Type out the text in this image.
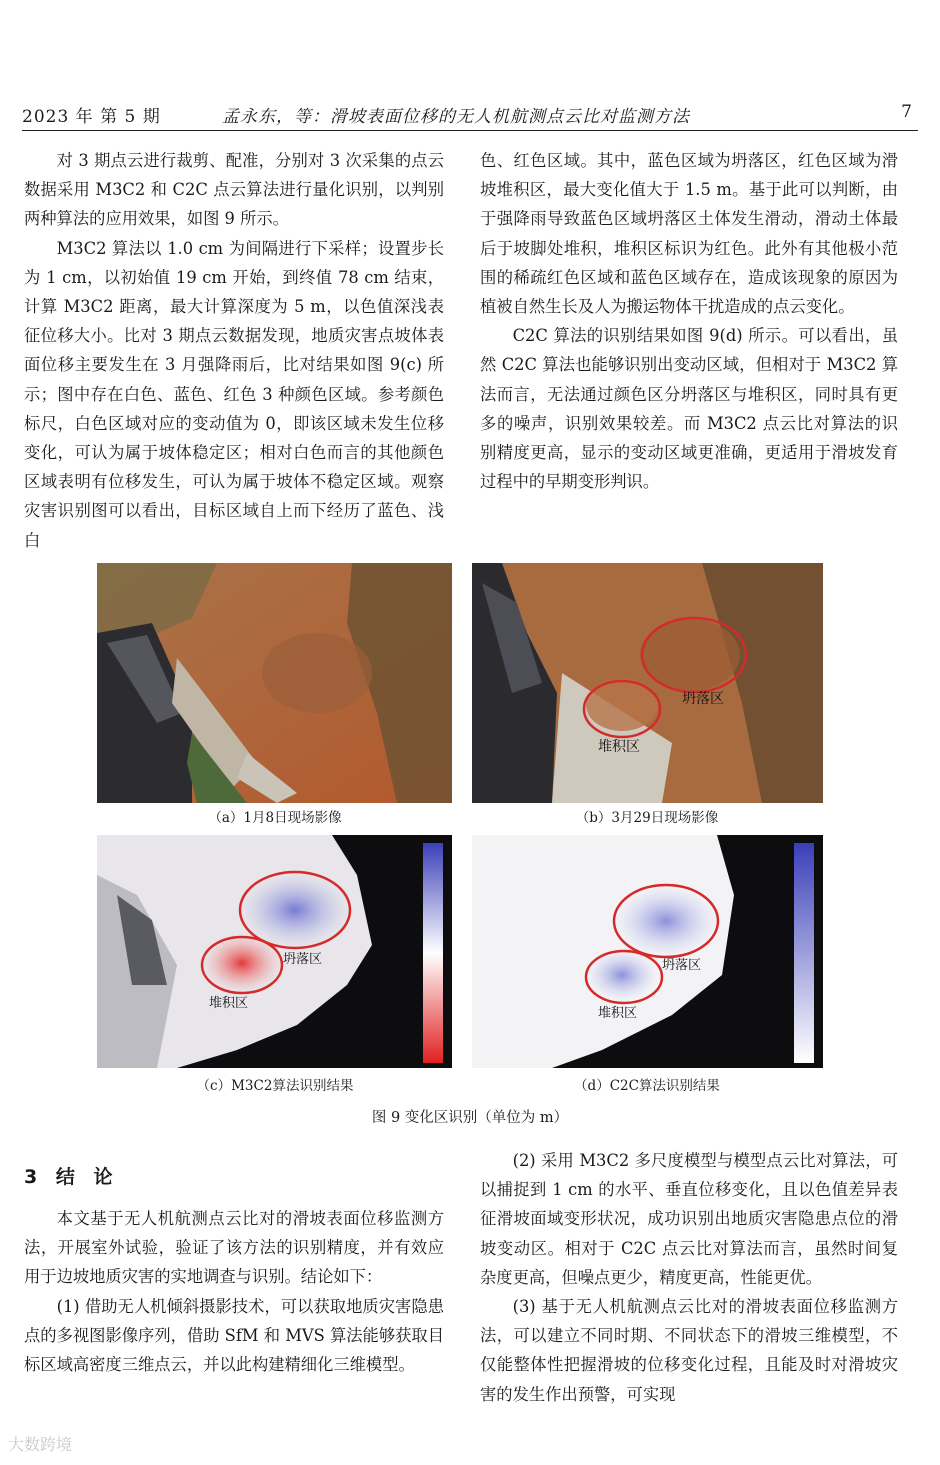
2023 年 第 5 期	孟永东，等：滑坡表面位移的无人机航测点云比对监测方法	7

对 3 期点云进行裁剪、配准，分别对 3 次采集的点云数据采用 M3C2 和 C2C 点云算法进行量化识别，以判别两种算法的应用效果，如图 9 所示。

M3C2 算法以 1.0 cm 为间隔进行下采样；设置步长为 1 cm，以初始值 19 cm 开始，到终值 78 cm 结束，计算 M3C2 距离，最大计算深度为 5 m，以色值深浅表征位移大小。比对 3 期点云数据发现，地质灾害点坡体表面位移主要发生在 3 月强降雨后，比对结果如图 9(c) 所示；图中存在白色、蓝色、红色 3 种颜色区域。参考颜色标尺，白色区域对应的变动值为 0，即该区域未发生位移变化，可认为属于坡体稳定区；相对白色而言的其他颜色区域表明有位移发生，可认为属于坡体不稳定区域。观察灾害识别图可以看出，目标区域自上而下经历了蓝色、浅白

色、红色区域。其中，蓝色区域为坍落区，红色区域为滑坡堆积区，最大变化值大于 1.5 m。基于此可以判断，由于强降雨导致蓝色区域坍落区土体发生滑动，滑动土体最后于坡脚处堆积，堆积区标识为红色。此外有其他极小范围的稀疏红色区域和蓝色区域存在，造成该现象的原因为植被自然生长及人为搬运物体干扰造成的点云变化。

C2C 算法的识别结果如图 9(d) 所示。可以看出，虽然 C2C 算法也能够识别出变动区域，但相对于 M3C2 算法而言，无法通过颜色区分坍落区与堆积区，同时具有更多的噪声，识别效果较差。而 M3C2 点云比对算法的识别精度更高，显示的变动区域更准确，更适用于滑坡发育过程中的早期变形判识。

（a）1月8日现场影像
坍落区
堆积区
（b）3月29日现场影像
坍落区
堆积区
（c）M3C2算法识别结果
坍落区
堆积区
（d）C2C算法识别结果
图 9 变化区识别（单位为 m）
3 结 论

本文基于无人机航测点云比对的滑坡表面位移监测方法，开展室外试验，验证了该方法的识别精度，并有效应用于边坡地质灾害的实地调查与识别。结论如下：

(1) 借助无人机倾斜摄影技术，可以获取地质灾害隐患点的多视图影像序列，借助 SfM 和 MVS 算法能够获取目标区域高密度三维点云，并以此构建精细化三维模型。

(2) 采用 M3C2 多尺度模型与模型点云比对算法，可以捕捉到 1 cm 的水平、垂直位移变化，且以色值差异表征滑坡面域变形状况，成功识别出地质灾害隐患点位的滑坡变动区。相对于 C2C 点云比对算法而言，虽然时间复杂度更高，但噪点更少，精度更高，性能更优。

(3) 基于无人机航测点云比对的滑坡表面位移监测方法，可以建立不同时期、不同状态下的滑坡三维模型，不仅能整体性把握滑坡的位移变化过程，且能及时对滑坡灾害的发生作出预警，可实现

大数跨境
